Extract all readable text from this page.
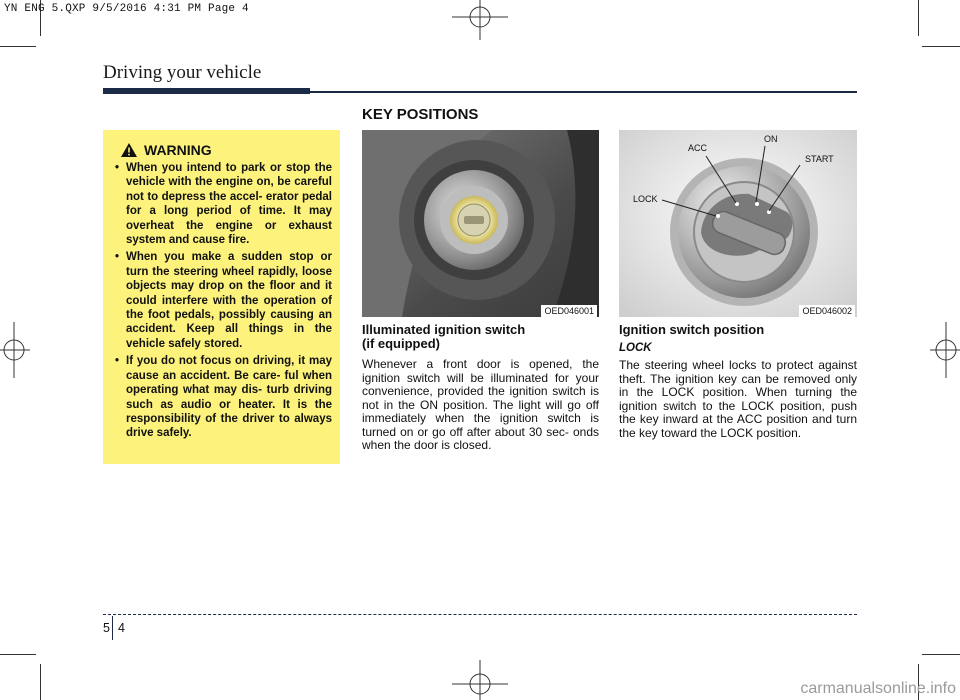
YN ENG 5.QXP 9/5/2016 4:31 PM Page 4
Driving your vehicle
KEY POSITIONS
WARNING
• When you intend to park or stop the vehicle with the engine on, be careful not to depress the accel- erator pedal for a long period of time. It may overheat the engine or exhaust system and cause fire.
• When you make a sudden stop or turn the steering wheel rapidly, loose objects may drop on the floor and it could interfere with the operation of the foot pedals, possibly causing an accident. Keep all things in the vehicle safely stored.
• If you do not focus on driving, it may cause an accident. Be care- ful when operating what may dis- turb driving such as audio or heater. It is the responsibility of the driver to always drive safely.
OED046001
LOCK
ACC
ON
START
OED046002
Illuminated ignition switch
(if equipped)

Whenever a front door is opened, the ignition switch will be illuminated for your convenience, provided the ignition switch is not in the ON position. The light will go off immediately when the ignition switch is turned on or go off after about 30 sec- onds when the door is closed.

Ignition switch position
LOCK

The steering wheel locks to protect against theft. The ignition key can be removed only in the LOCK position. When turning the ignition switch to the LOCK position, push the key inward at the ACC position and turn the key toward the LOCK position.

5 4
carmanualsonline.info
